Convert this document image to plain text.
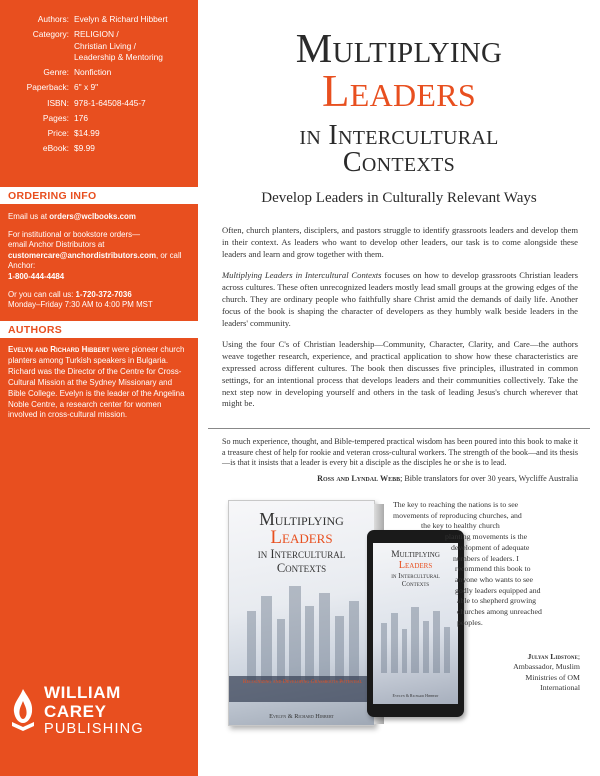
Authors: Evelyn & Richard Hibbert
Category: RELIGION /
Christian Living /
Leadership & Mentoring
Genre: Nonfiction
Paperback: 6" x 9"
ISBN: 978-1-64508-445-7
Pages: 176
Price: $14.99
eBook: $9.99
ORDERING INFO

Email us at orders@wclbooks.com

For institutional or bookstore orders—
email Anchor Distributors at
customercare@anchordistributors.com, or call Anchor:
1-800-444-4484

Or you can call us: 1-720-372-7036
Monday–Friday 7:30 AM to 4:00 PM MST

AUTHORS
Evelyn and Richard Hibbert were pioneer church planters among Turkish speakers in Bulgaria. Richard was the Director of the Centre for Cross-Cultural Mission at the Sydney Missionary and Bible College. Evelyn is the leader of the Angelina Noble Centre, a research center for women involved in cross-cultural mission.
WILLIAM
CAREY
PUBLISHING
Multiplying
Leaders
in Intercultural
Contexts
Develop Leaders in Culturally Relevant Ways

Often, church planters, disciplers, and pastors struggle to identify grassroots leaders and develop them in their context. As leaders who want to develop other leaders, our task is to come alongside these leaders and learn and grow together with them.

Multiplying Leaders in Intercultural Contexts focuses on how to develop grassroots Christian leaders across cultures. These often unrecognized leaders mostly lead small groups at the growing edges of the church. They are ordinary people who faithfully share Christ amid the demands of daily life. Another focus of the book is shaping the character of developers as they humbly walk beside leaders in the leaders' community.

Using the four C's of Christian leadership—Community, Character, Clarity, and Care—the authors weave together research, experience, and practical application to show how these characteristics are expressed across different cultures. The book then discusses five principles, illustrated in common settings, for an intentional process that develops leaders and their communities collectively. Take the next step now in developing yourself and others in the task of leading Jesus's church wherever that might be.

So much experience, thought, and Bible-tempered practical wisdom has been poured into this book to make it a treasure chest of help for rookie and veteran cross-cultural workers. The strength of the book—and its thesis—is that it insists that a leader is every bit a disciple as the disciples he or she is to lead.
Ross and Lyndal Webb; Bible translators for over 30 years, Wycliffe Australia
Multiplying
Leaders
in Intercultural
Contexts
Recognizing and Developing Grassroots Potential
Evelyn & Richard Hibbert
Multiplying
Leaders
in Intercultural
Contexts
Evelyn & Richard Hibbert
The key to reaching the nations is to see
movements of reproducing churches, and
the key to healthy church
planting movements is the
development of adequate
numbers of leaders. I
recommend this book to
anyone who wants to see
godly leaders equipped and
able to shepherd growing
churches among unreached
peoples.
Julyan Lidstone;
Ambassador, Muslim
Ministries of OM
International
